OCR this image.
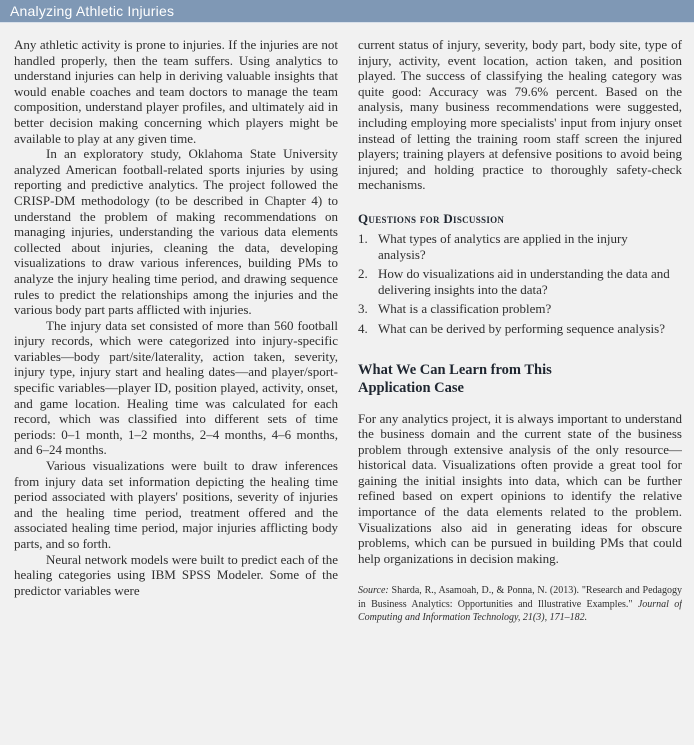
Analyzing Athletic Injuries

Any athletic activity is prone to injuries. If the injuries are not handled properly, then the team suffers. Using analytics to understand injuries can help in deriving valuable insights that would enable coaches and team doctors to manage the team composition, understand player profiles, and ultimately aid in better decision making concerning which players might be available to play at any given time.

In an exploratory study, Oklahoma State University analyzed American football-related sports injuries by using reporting and predictive analytics. The project followed the CRISP-DM methodology (to be described in Chapter 4) to understand the problem of making recommendations on managing injuries, understanding the various data elements collected about injuries, cleaning the data, developing visualizations to draw various inferences, building PMs to analyze the injury healing time period, and drawing sequence rules to predict the relationships among the injuries and the various body part parts afflicted with injuries.

The injury data set consisted of more than 560 football injury records, which were categorized into injury-specific variables—body part/site/laterality, action taken, severity, injury type, injury start and healing dates—and player/sport-specific variables—player ID, position played, activity, onset, and game location. Healing time was calculated for each record, which was classified into different sets of time periods: 0–1 month, 1–2 months, 2–4 months, 4–6 months, and 6–24 months.

Various visualizations were built to draw inferences from injury data set information depicting the healing time period associated with players' positions, severity of injuries and the healing time period, treatment offered and the associated healing time period, major injuries afflicting body parts, and so forth.

Neural network models were built to predict each of the healing categories using IBM SPSS Modeler. Some of the predictor variables were

current status of injury, severity, body part, body site, type of injury, activity, event location, action taken, and position played. The success of classifying the healing category was quite good: Accuracy was 79.6% percent. Based on the analysis, many business recommendations were suggested, including employing more specialists' input from injury onset instead of letting the training room staff screen the injured players; training players at defensive positions to avoid being injured; and holding practice to thoroughly safety-check mechanisms.

Questions for Discussion
1. What types of analytics are applied in the injury analysis?
2. How do visualizations aid in understanding the data and delivering insights into the data?
3. What is a classification problem?
4. What can be derived by performing sequence analysis?
What We Can Learn from This
Application Case

For any analytics project, it is always important to understand the business domain and the current state of the business problem through extensive analysis of the only resource—historical data. Visualizations often provide a great tool for gaining the initial insights into data, which can be further refined based on expert opinions to identify the relative importance of the data elements related to the problem. Visualizations also aid in generating ideas for obscure problems, which can be pursued in building PMs that could help organizations in decision making.

Source: Sharda, R., Asamoah, D., & Ponna, N. (2013). "Research and Pedagogy in Business Analytics: Opportunities and Illustrative Examples." Journal of Computing and Information Technology, 21(3), 171–182.
